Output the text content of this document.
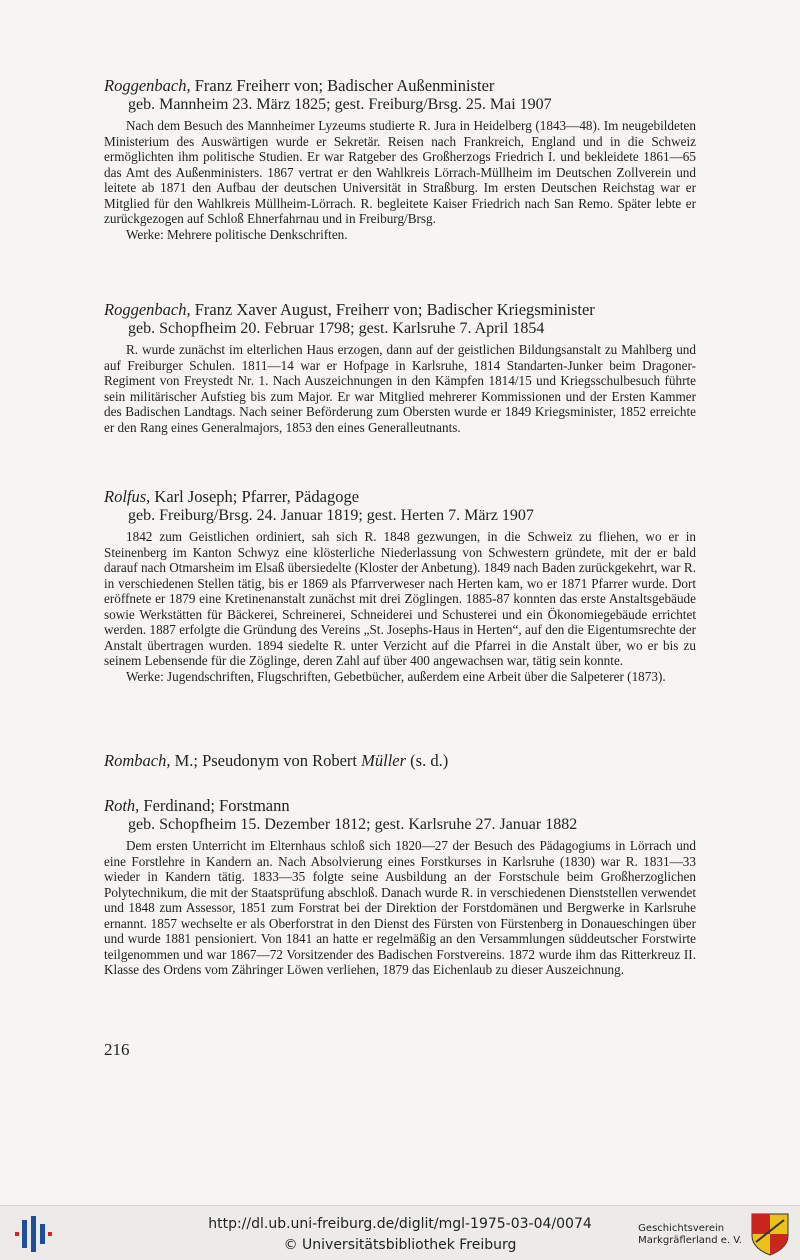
Roggenbach, Franz Freiherr von; Badischer Außenminister
geb. Mannheim 23. März 1825; gest. Freiburg/Brsg. 25. Mai 1907
Nach dem Besuch des Mannheimer Lyzeums studierte R. Jura in Heidelberg (1843—48). Im neugebildeten Ministerium des Auswärtigen wurde er Sekretär. Reisen nach Frankreich, England und in die Schweiz ermöglichten ihm politische Studien. Er war Ratgeber des Großherzogs Friedrich I. und bekleidete 1861—65 das Amt des Außenministers. 1867 vertrat er den Wahlkreis Lörrach-Müllheim im Deutschen Zollverein und leitete ab 1871 den Aufbau der deutschen Universität in Straßburg. Im ersten Deutschen Reichstag war er Mitglied für den Wahlkreis Müllheim-Lörrach. R. begleitete Kaiser Friedrich nach San Remo. Später lebte er zurückgezogen auf Schloß Ehnerfahrnau und in Freiburg/Brsg.
Werke: Mehrere politische Denkschriften.
Roggenbach, Franz Xaver August, Freiherr von; Badischer Kriegsminister
geb. Schopfheim 20. Februar 1798; gest. Karlsruhe 7. April 1854
R. wurde zunächst im elterlichen Haus erzogen, dann auf der geistlichen Bildungsanstalt zu Mahlberg und auf Freiburger Schulen. 1811—14 war er Hofpage in Karlsruhe, 1814 Standarten-Junker beim Dragoner-Regiment von Freystedt Nr. 1. Nach Auszeichnungen in den Kämpfen 1814/15 und Kriegsschulbesuch führte sein militärischer Aufstieg bis zum Major. Er war Mitglied mehrerer Kommissionen und der Ersten Kammer des Badischen Landtags. Nach seiner Beförderung zum Obersten wurde er 1849 Kriegsminister, 1852 erreichte er den Rang eines Generalmajors, 1853 den eines Generalleutnants.
Rolfus, Karl Joseph; Pfarrer, Pädagoge
geb. Freiburg/Brsg. 24. Januar 1819; gest. Herten 7. März 1907
1842 zum Geistlichen ordiniert, sah sich R. 1848 gezwungen, in die Schweiz zu fliehen, wo er in Steinenberg im Kanton Schwyz eine klösterliche Niederlassung von Schwestern gründete, mit der er bald darauf nach Otmarsheim im Elsaß übersiedelte (Kloster der Anbetung). 1849 nach Baden zurückgekehrt, war R. in verschiedenen Stellen tätig, bis er 1869 als Pfarrverweser nach Herten kam, wo er 1871 Pfarrer wurde. Dort eröffnete er 1879 eine Kretinenanstalt zunächst mit drei Zöglingen. 1885-87 konnten das erste Anstaltsgebäude sowie Werkstätten für Bäckerei, Schreinerei, Schneiderei und Schusterei und ein Ökonomiegebäude errichtet werden. 1887 erfolgte die Gründung des Vereins „St. Josephs-Haus in Herten“, auf den die Eigentumsrechte der Anstalt übertragen wurden. 1894 siedelte R. unter Verzicht auf die Pfarrei in die Anstalt über, wo er bis zu seinem Lebensende für die Zöglinge, deren Zahl auf über 400 angewachsen war, tätig sein konnte.
Werke: Jugendschriften, Flugschriften, Gebetbücher, außerdem eine Arbeit über die Salpeterer (1873).
Rombach, M.; Pseudonym von Robert Müller (s. d.)
Roth, Ferdinand; Forstmann
geb. Schopfheim 15. Dezember 1812; gest. Karlsruhe 27. Januar 1882
Dem ersten Unterricht im Elternhaus schloß sich 1820—27 der Besuch des Pädagogiums in Lörrach und eine Forstlehre in Kandern an. Nach Absolvierung eines Forstkurses in Karlsruhe (1830) war R. 1831—33 wieder in Kandern tätig. 1833—35 folgte seine Ausbildung an der Forstschule beim Großherzoglichen Polytechnikum, die mit der Staatsprüfung abschloß. Danach wurde R. in verschiedenen Dienststellen verwendet und 1848 zum Assessor, 1851 zum Forstrat bei der Direktion der Forstdomänen und Bergwerke in Karlsruhe ernannt. 1857 wechselte er als Oberforstrat in den Dienst des Fürsten von Fürstenberg in Donaueschingen über und wurde 1881 pensioniert. Von 1841 an hatte er regelmäßig an den Versammlungen süddeutscher Forstwirte teilgenommen und war 1867—72 Vorsitzender des Badischen Forstvereins. 1872 wurde ihm das Ritterkreuz II. Klasse des Ordens vom Zähringer Löwen verliehen, 1879 das Eichenlaub zu dieser Auszeichnung.
216
http://dl.ub.uni-freiburg.de/diglit/mgl-1975-03-04/0074
© Universitätsbibliothek Freiburg
Geschichtsverein
Markgräflerland e. V.
